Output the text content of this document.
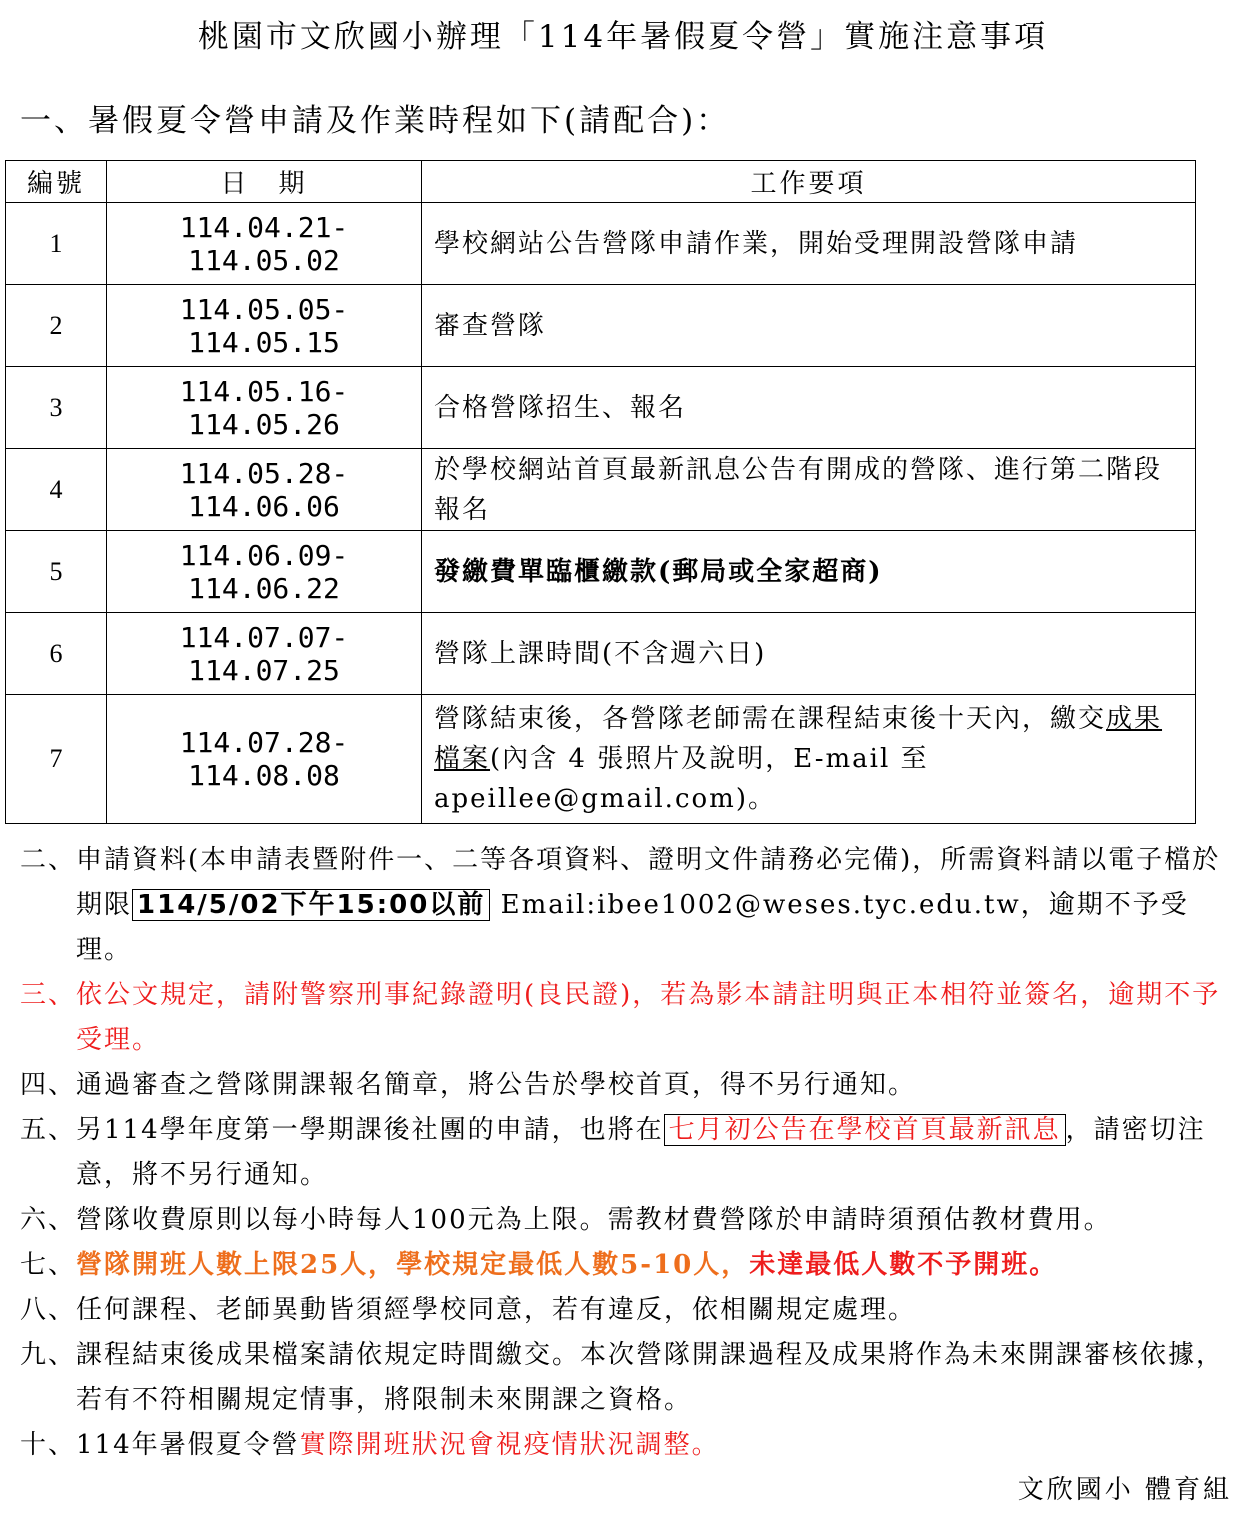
桃園市文欣國小辦理「114年暑假夏令營」實施注意事項
一、暑假夏令營申請及作業時程如下(請配合)：
編號	日　期	工作要項
1	114.04.21-114.05.02	學校網站公告營隊申請作業，開始受理開設營隊申請
2	114.05.05-114.05.15	審查營隊
3	114.05.16-114.05.26	合格營隊招生、報名
4	114.05.28-114.06.06	於學校網站首頁最新訊息公告有開成的營隊、進行第二階段報名
5	114.06.09-114.06.22	發繳費單臨櫃繳款(郵局或全家超商)
6	114.07.07-114.07.25	營隊上課時間(不含週六日)
7	114.07.28-114.08.08	營隊結束後，各營隊老師需在課程結束後十天內，繳交成果檔案(內含 4 張照片及說明，E-mail 至
apeillee@gmail.com)。
二、 申請資料(本申請表暨附件一、二等各項資料、證明文件請務必完備)，所需資料請以電子檔於期限 114/5/02下午15:00以前 Email:ibee1002@weses.tyc.edu.tw，逾期不予受理。
三、 依公文規定，請附警察刑事紀錄證明(良民證)，若為影本請註明與正本相符並簽名，逾期不予受理。
四、 通過審查之營隊開課報名簡章，將公告於學校首頁，得不另行通知。
五、 另114學年度第一學期課後社團的申請，也將在 七月初公告在學校首頁最新訊息 ，請密切注意，將不另行通知。
六、 營隊收費原則以每小時每人100元為上限。需教材費營隊於申請時須預估教材費用。
七、 營隊開班人數上限25人，學校規定最低人數5-10人，未達最低人數不予開班。
八、 任何課程、老師異動皆須經學校同意，若有違反，依相關規定處理。
九、 課程結束後成果檔案請依規定時間繳交。本次營隊開課過程及成果將作為未來開課審核依據，若有不符相關規定情事，將限制未來開課之資格。
十、 114年暑假夏令營實際開班狀況會視疫情狀況調整。
文欣國小 體育組
